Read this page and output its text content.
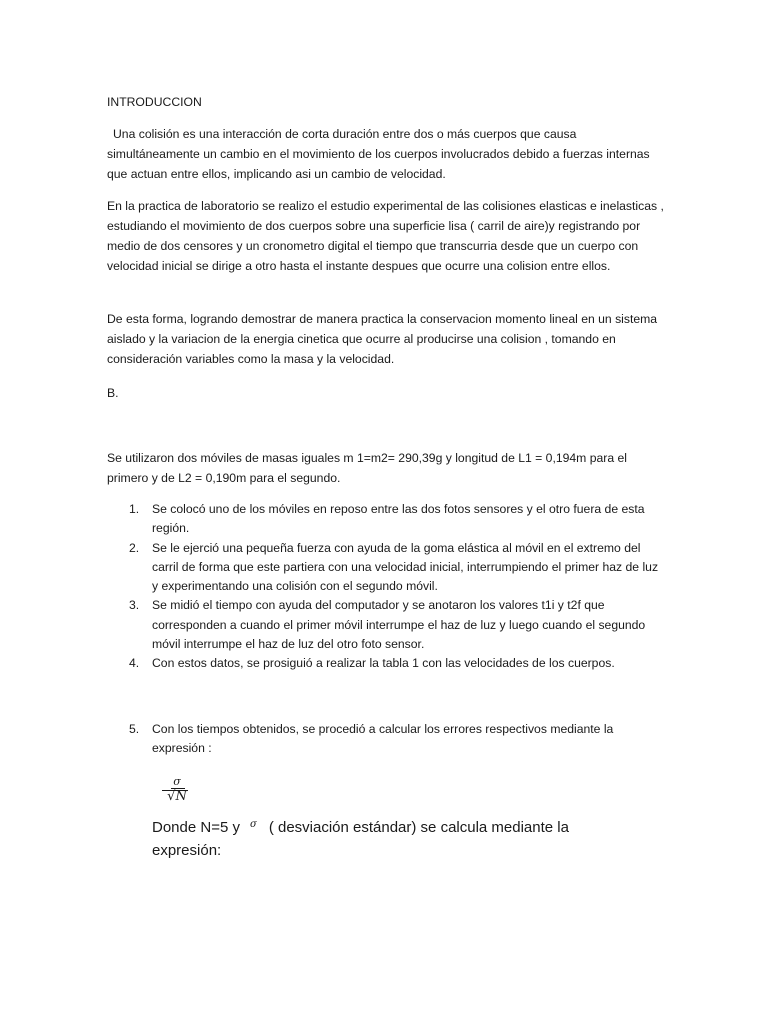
INTRODUCCION

Una colisión es una interacción de corta duración entre dos o más cuerpos que causa simultáneamente un cambio en el movimiento de los cuerpos involucrados debido a fuerzas internas que actuan entre ellos, implicando asi un cambio de velocidad.

En la practica de laboratorio se realizo el estudio experimental de las colisiones elasticas e inelasticas , estudiando el movimiento de dos cuerpos sobre una superficie lisa ( carril de aire)y registrando por medio de dos censores y un cronometro digital el tiempo que transcurria desde que un cuerpo con velocidad inicial se dirige a otro hasta el instante despues que ocurre una colision entre ellos.

De esta forma, logrando demostrar de manera practica la conservacion momento lineal en un sistema aislado y la variacion de la energia cinetica que ocurre al producirse una colision , tomando en consideración variables como la masa y la velocidad.

B.

Se utilizaron dos móviles de masas iguales m 1=m2= 290,39g y longitud de L1 = 0,194m para el primero y de L2 = 0,190m para el segundo.

1. Se colocó uno de los móviles en reposo entre las dos fotos sensores y el otro fuera de esta región.
2. Se le ejerció una pequeña fuerza con ayuda de la goma elástica al móvil en el extremo del carril de forma que este partiera con una velocidad inicial, interrumpiendo el primer haz de luz y experimentando una colisión con el segundo móvil.
3. Se midió el tiempo con ayuda del computador y se anotaron los valores t1i y t2f que corresponden a cuando el primer móvil interrumpe el haz de luz y luego cuando el segundo móvil interrumpe el haz de luz del otro foto sensor.
4. Con estos datos, se prosiguió a realizar la tabla 1 con las velocidades de los cuerpos.
5. Con los tiempos obtenidos, se procedió a calcular los errores respectivos mediante la expresión :
σ
√
N
Donde N=5 y σ ( desviación estándar) se calcula mediante la
expresión:
